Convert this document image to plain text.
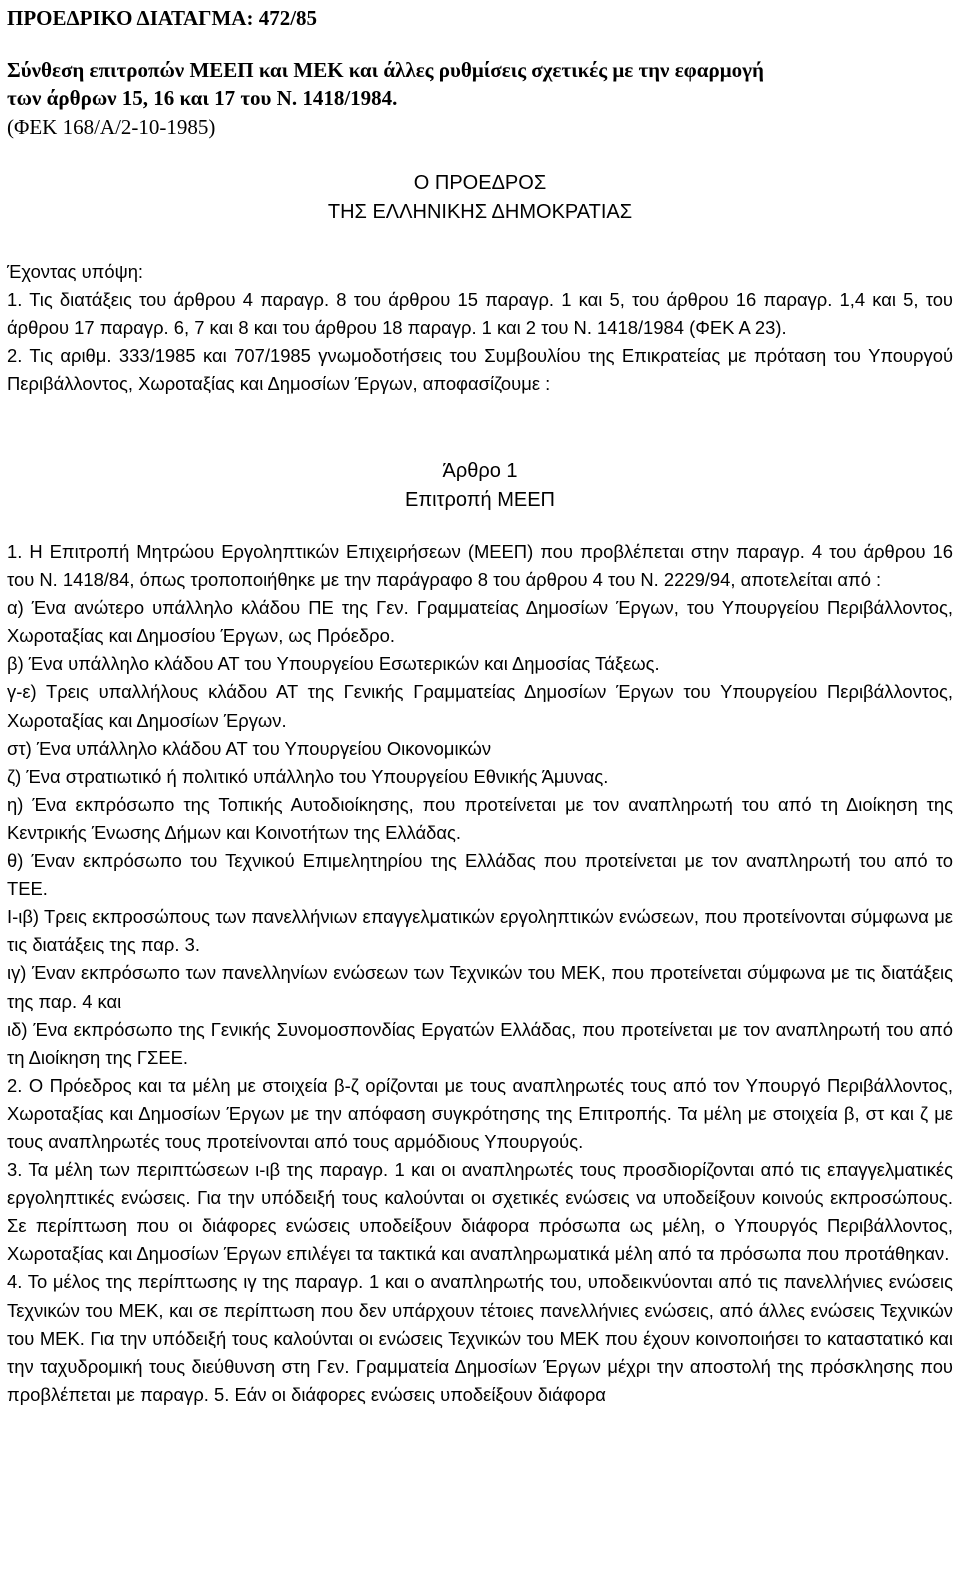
ΠΡΟΕΔΡΙΚΟ ΔΙΑΤΑΓΜΑ: 472/85
Σύνθεση επιτροπών ΜΕΕΠ και ΜΕΚ και άλλες ρυθμίσεις σχετικές με την εφαρμογή
των άρθρων 15, 16 και 17 του Ν. 1418/1984.
(ΦΕΚ 168/Α/2-10-1985)
Ο ΠΡΟΕΔΡΟΣ
ΤΗΣ ΕΛΛΗΝΙΚΗΣ ΔΗΜΟΚΡΑΤΙΑΣ

Έχοντας υπόψη:

1. Τις διατάξεις του άρθρου 4 παραγρ. 8 του άρθρου 15 παραγρ. 1 και 5, του άρθρου 16 παραγρ. 1,4 και 5, του άρθρου 17 παραγρ. 6, 7 και 8 και του άρθρου 18 παραγρ. 1 και 2 του Ν. 1418/1984 (ΦΕΚ Α 23).

2. Τις αριθμ. 333/1985 και 707/1985 γνωμοδοτήσεις του Συμβουλίου της Επικρατείας με πρόταση του Υπουργού Περιβάλλοντος, Χωροταξίας και Δημοσίων Έργων, αποφασίζουμε :

Άρθρο 1
Επιτροπή ΜΕΕΠ

1. Η Επιτροπή Μητρώου Εργοληπτικών Επιχειρήσεων (ΜΕΕΠ) που προβλέπεται στην παραγρ. 4 του άρθρου 16 του Ν. 1418/84, όπως τροποποιήθηκε με την παράγραφο 8 του άρθρου 4 του Ν. 2229/94, αποτελείται από :

α) Ένα ανώτερο υπάλληλο κλάδου ΠΕ της Γεν. Γραμματείας Δημοσίων Έργων, του Υπουργείου Περιβάλλοντος, Χωροταξίας και Δημοσίου Έργων, ως Πρόεδρο.

β) Ένα υπάλληλο κλάδου ΑΤ του Υπουργείου Εσωτερικών και Δημοσίας Τάξεως.

γ-ε) Τρεις υπαλλήλους κλάδου ΑΤ της Γενικής Γραμματείας Δημοσίων Έργων του Υπουργείου Περιβάλλοντος, Χωροταξίας και Δημοσίων Έργων.

στ) Ένα υπάλληλο κλάδου ΑΤ του Υπουργείου Οικονομικών

ζ) Ένα στρατιωτικό ή πολιτικό υπάλληλο του Υπουργείου Εθνικής Άμυνας.

η) Ένα εκπρόσωπο της Τοπικής Αυτοδιοίκησης, που προτείνεται με τον αναπληρωτή του από τη Διοίκηση της Κεντρικής Ένωσης Δήμων και Κοινοτήτων της Ελλάδας.

θ) Έναν εκπρόσωπο του Τεχνικού Επιμελητηρίου της Ελλάδας που προτείνεται με τον αναπληρωτή του από το ΤΕΕ.

Ι-ιβ) Τρεις εκπροσώπους των πανελλήνιων επαγγελματικών εργοληπτικών ενώσεων, που προτείνονται σύμφωνα με τις διατάξεις της παρ. 3.

ιγ) Έναν εκπρόσωπο των πανελληνίων ενώσεων των Τεχνικών του ΜΕΚ, που προτείνεται σύμφωνα με τις διατάξεις της παρ. 4 και

ιδ) Ένα εκπρόσωπο της Γενικής Συνομοσπονδίας Εργατών Ελλάδας, που προτείνεται με τον αναπληρωτή του από τη Διοίκηση της ΓΣΕΕ.

2. Ο Πρόεδρος και τα μέλη με στοιχεία β-ζ ορίζονται με τους αναπληρωτές τους από τον Υπουργό Περιβάλλοντος, Χωροταξίας και Δημοσίων Έργων με την απόφαση συγκρότησης της Επιτροπής. Τα μέλη με στοιχεία β, στ και ζ με τους αναπληρωτές τους προτείνονται από τους αρμόδιους Υπουργούς.

3. Τα μέλη των περιπτώσεων ι-ιβ της παραγρ. 1 και οι αναπληρωτές τους προσδιορίζονται από τις επαγγελματικές εργοληπτικές ενώσεις. Για την υπόδειξή τους καλούνται οι σχετικές ενώσεις να υποδείξουν κοινούς εκπροσώπους. Σε περίπτωση που οι διάφορες ενώσεις υποδείξουν διάφορα πρόσωπα ως μέλη, ο Υπουργός Περιβάλλοντος, Χωροταξίας και Δημοσίων Έργων επιλέγει τα τακτικά και αναπληρωματικά μέλη από τα πρόσωπα που προτάθηκαν.

4. Το μέλος της περίπτωσης ιγ της παραγρ. 1 και ο αναπληρωτής του, υποδεικνύονται από τις πανελλήνιες ενώσεις Τεχνικών του ΜΕΚ, και σε περίπτωση που δεν υπάρχουν τέτοιες πανελλήνιες ενώσεις, από άλλες ενώσεις Τεχνικών του ΜΕΚ. Για την υπόδειξή τους καλούνται οι ενώσεις Τεχνικών του ΜΕΚ που έχουν κοινοποιήσει το καταστατικό και την ταχυδρομική τους διεύθυνση στη Γεν. Γραμματεία Δημοσίων Έργων μέχρι την αποστολή της πρόσκλησης που προβλέπεται με παραγρ. 5. Εάν οι διάφορες ενώσεις υποδείξουν διάφορα
